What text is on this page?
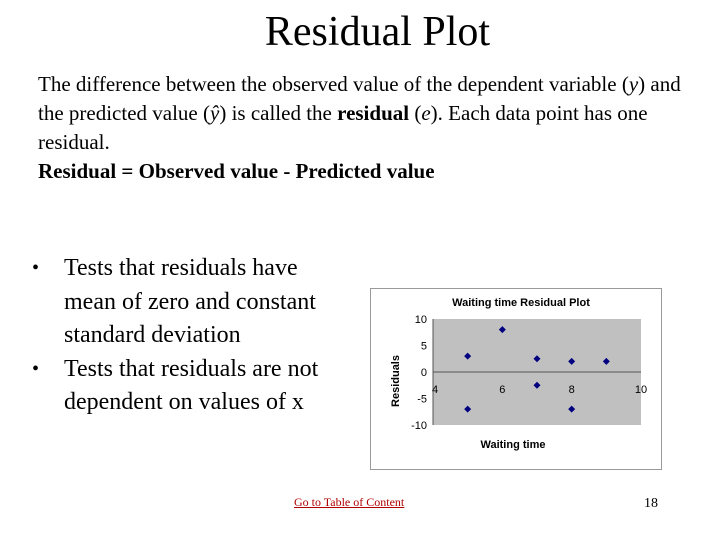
Residual Plot
The difference between the observed value of the dependent variable (y) and the predicted value (ŷ) is called the residual (e). Each data point has one residual.
Residual = Observed value - Predicted value
• Tests that residuals have mean of zero and constant standard deviation
• Tests that residuals are not dependent on values of x
Waiting time Residual Plot
10
5
0
-5
-10
4	6	8	10
Waiting time
Residuals
Go to Table of Content	18
